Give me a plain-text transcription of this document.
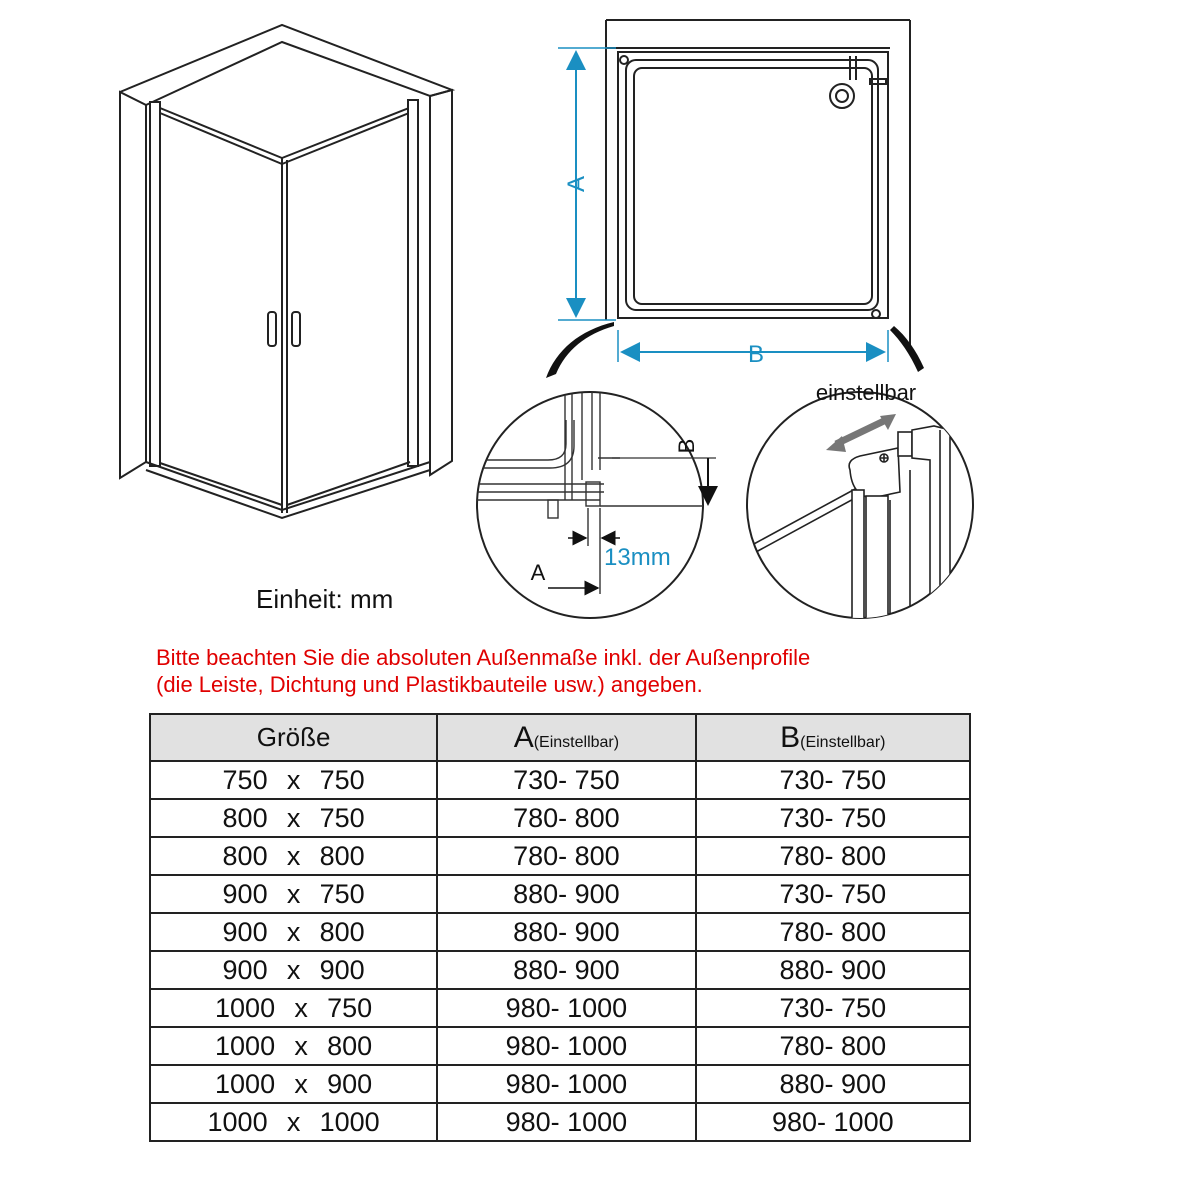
A
B
B
A
13mm
einstellbar
Einheit: mm
Bitte beachten Sie die absoluten Außenmaße inkl. der Außenprofile
(die Leiste, Dichtung und Plastikbauteile usw.) angeben.
Größe	A(Einstellbar)	B(Einstellbar)
750 x 750	730- 750	730- 750
800 x 750	780- 800	730- 750
800 x 800	780- 800	780- 800
900 x 750	880- 900	730- 750
900 x 800	880- 900	780- 800
900 x 900	880- 900	880- 900
1000 x 750	980- 1000	730- 750
1000 x 800	980- 1000	780- 800
1000 x 900	980- 1000	880- 900
1000 x 1000	980- 1000	980- 1000
